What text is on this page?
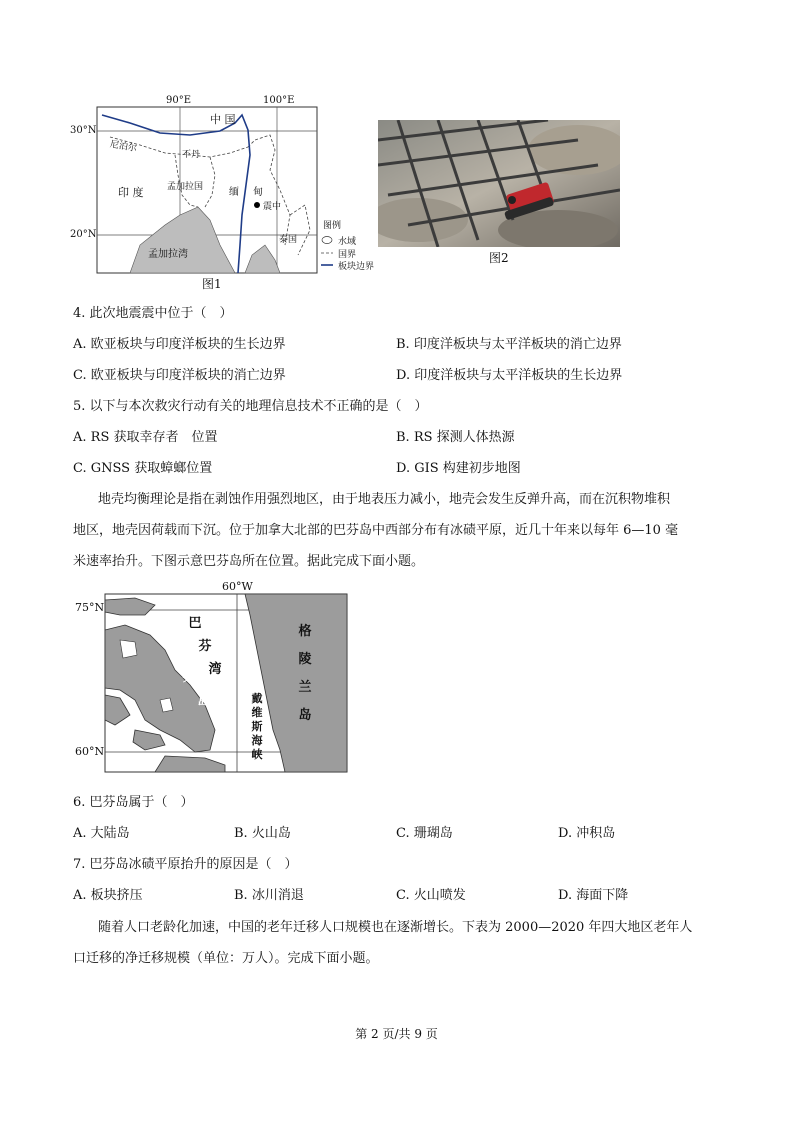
90°E	100°E
30°N
20°N
中 国
尼泊尔
不丹
孟加拉国
印 度	缅 甸
震中
泰国
孟加拉湾
图例
水域
国界
板块边界
图1
图2
4. 此次地震震中位于（　）
A. 欧亚板块与印度洋板块的生长边界	B. 印度洋板块与太平洋板块的消亡边界
C. 欧亚板块与印度洋板块的消亡边界	D. 印度洋板块与太平洋板块的生长边界
5. 以下与本次救灾行动有关的地理信息技术不正确的是（　）
A. RS 获取幸存者　位置	B. RS 探测人体热源
C. GNSS 获取蟑螂位置	D. GIS 构建初步地图
地壳均衡理论是指在剥蚀作用强烈地区，由于地表压力减小，地壳会发生反弹升高，而在沉积物堆积
地区，地壳因荷载而下沉。位于加拿大北部的巴芬岛中西部分布有冰碛平原，近几十年来以每年 6—10 毫
米速率抬升。下图示意巴芬岛所在位置。据此完成下面小题。
60°W
75°N
60°N
巴
芬
湾
巴
芬
岛	戴
维
斯
海
峡
格
陵
兰
岛
6. 巴芬岛属于（　）
A. 大陆岛	B. 火山岛	C. 珊瑚岛	D. 冲积岛
7. 巴芬岛冰碛平原抬升的原因是（　）
A. 板块挤压	B. 冰川消退	C. 火山喷发	D. 海面下降
随着人口老龄化加速，中国的老年迁移人口规模也在逐渐增长。下表为 2000—2020 年四大地区老年人
口迁移的净迁移规模（单位：万人）。完成下面小题。
第 2 页/共 9 页
